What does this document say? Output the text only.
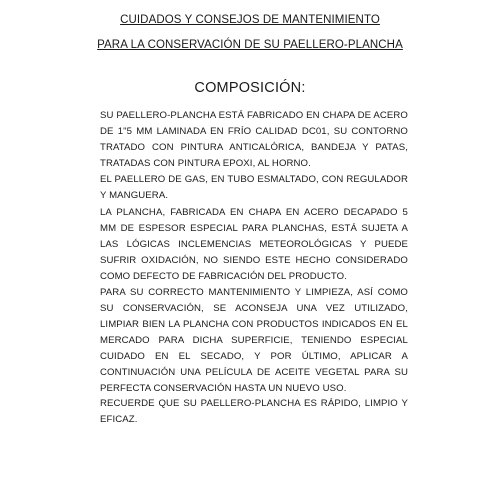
CUIDADOS Y CONSEJOS DE MANTENIMIENTO
PARA LA CONSERVACIÓN DE SU PAELLERO-PLANCHA
COMPOSICIÓN:

SU PAELLERO-PLANCHA ESTÁ FABRICADO EN CHAPA DE ACERO DE 1"5 MM LAMINADA EN FRÍO CALIDAD DC01, SU CONTORNO TRATADO CON PINTURA ANTICALÓRICA, BANDEJA Y PATAS, TRATADAS CON PINTURA EPOXI, AL HORNO.

EL PAELLERO DE GAS, EN TUBO ESMALTADO, CON REGULADOR Y MANGUERA.

LA PLANCHA, FABRICADA EN CHAPA EN ACERO DECAPADO 5 MM DE ESPESOR ESPECIAL PARA PLANCHAS, ESTÁ SUJETA A LAS LÓGICAS INCLEMENCIAS METEOROLÓGICAS Y PUEDE SUFRIR OXIDACIÓN, NO SIENDO ESTE HECHO CONSIDERADO COMO DEFECTO DE FABRICACIÓN DEL PRODUCTO.

PARA SU CORRECTO MANTENIMIENTO Y LIMPIEZA, ASÍ COMO SU CONSERVACIÓN, SE ACONSEJA UNA VEZ UTILIZADO, LIMPIAR BIEN LA PLANCHA CON PRODUCTOS INDICADOS EN EL MERCADO PARA DICHA SUPERFICIE, TENIENDO ESPECIAL CUIDADO EN EL SECADO, Y POR ÚLTIMO, APLICAR A CONTINUACIÓN UNA PELÍCULA DE ACEITE VEGETAL PARA SU PERFECTA CONSERVACIÓN HASTA UN NUEVO USO.

RECUERDE QUE SU PAELLERO-PLANCHA ES RÁPIDO, LIMPIO Y EFICAZ.
